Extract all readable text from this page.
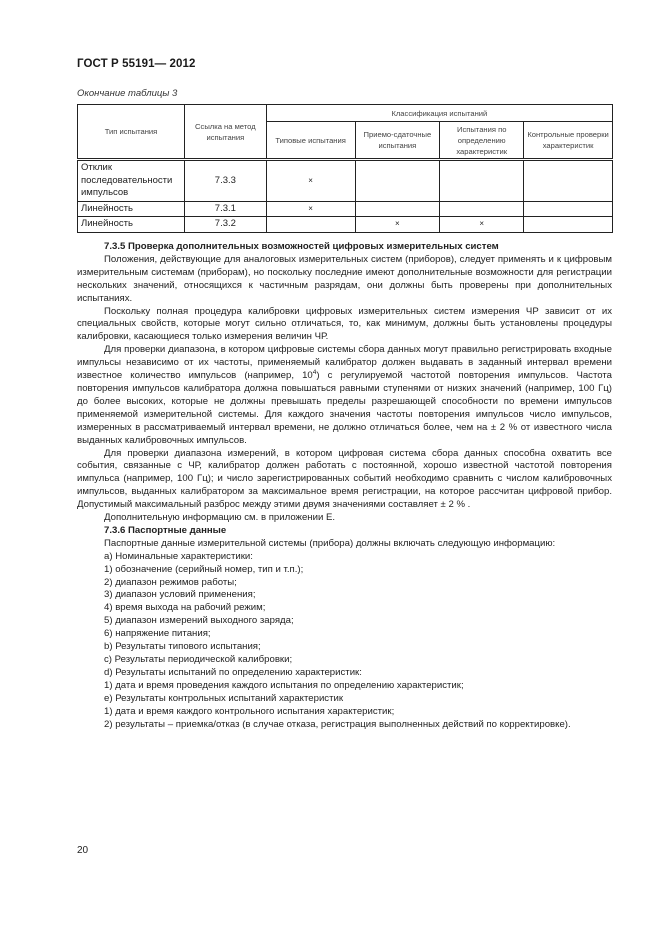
ГОСТ Р 55191— 2012
Окончание таблицы 3
Тип испытания	Ссылка на метод испытания	Классификация испытаний			
		Типовые испытания	Приемо-сдаточные испытания	Испытания по определению характеристик	Контрольные проверки характеристик
Отклик последовательности импульсов	7.3.3	×			
Линейность	7.3.1	×			
Линейность	7.3.2		×	×	

7.3.5 Проверка дополнительных возможностей цифровых измерительных систем

Положения, действующие для аналоговых измерительных систем (приборов), следует применять и к цифровым измерительным системам (приборам), но поскольку последние имеют дополнительные возможности для регистрации нескольких значений, относящихся к частичным разрядам, они должны быть проверены при дополнительных испытаниях.

Поскольку полная процедура калибровки цифровых измерительных систем измерения ЧР зависит от их специальных свойств, которые могут сильно отличаться, то, как минимум, должны быть установлены процедуры калибровки, касающиеся только измерения величин ЧР.

Для проверки диапазона, в котором цифровые системы сбора данных могут правильно регистрировать входные импульсы независимо от их частоты, применяемый калибратор должен выдавать в заданный интервал времени известное количество импульсов (например, $10^4$) с регулируемой частотой повторения импульсов. Частота повторения импульсов калибратора должна повышаться равными ступенями от низких значений (например, 100 Гц) до более высоких, которые не должны превышать пределы разрешающей способности по времени импульсов применяемой измерительной системы. Для каждого значения частоты повторения импульсов число импульсов, измеренных в рассматриваемый интервал времени, не должно отличаться более, чем на ± 2 % от известного числа выданных калибровочных импульсов.

Для проверки диапазона измерений, в котором цифровая система сбора данных способна охватить все события, связанные с ЧР, калибратор должен работать с постоянной, хорошо известной частотой повторения импульса (например, 100 Гц); и число зарегистрированных событий необходимо сравнить с числом калибровочных импульсов, выданных калибратором за максимальное время регистрации, на которое рассчитан цифровой прибор. Допустимый максимальный разброс между этими двумя значениями составляет ± 2 % .

Дополнительную информацию см. в приложении Е.

7.3.6 Паспортные данные

Паспортные данные измерительной системы (прибора) должны включать следующую информацию:

а) Номинальные характеристики:

1) обозначение (серийный номер, тип и т.п.);

2) диапазон режимов работы;

3) диапазон условий применения;

4) время выхода на рабочий режим;

5) диапазон измерений выходного заряда;

6) напряжение питания;

b) Результаты типового испытания;

c) Результаты периодической калибровки;

d) Результаты испытаний по определению характеристик:

1) дата и время проведения каждого испытания по определению характеристик;

e) Результаты контрольных испытаний характеристик

1) дата и время каждого контрольного испытания характеристик;

2) результаты – приемка/отказ (в случае отказа, регистрация выполненных действий по корректировке).

20
